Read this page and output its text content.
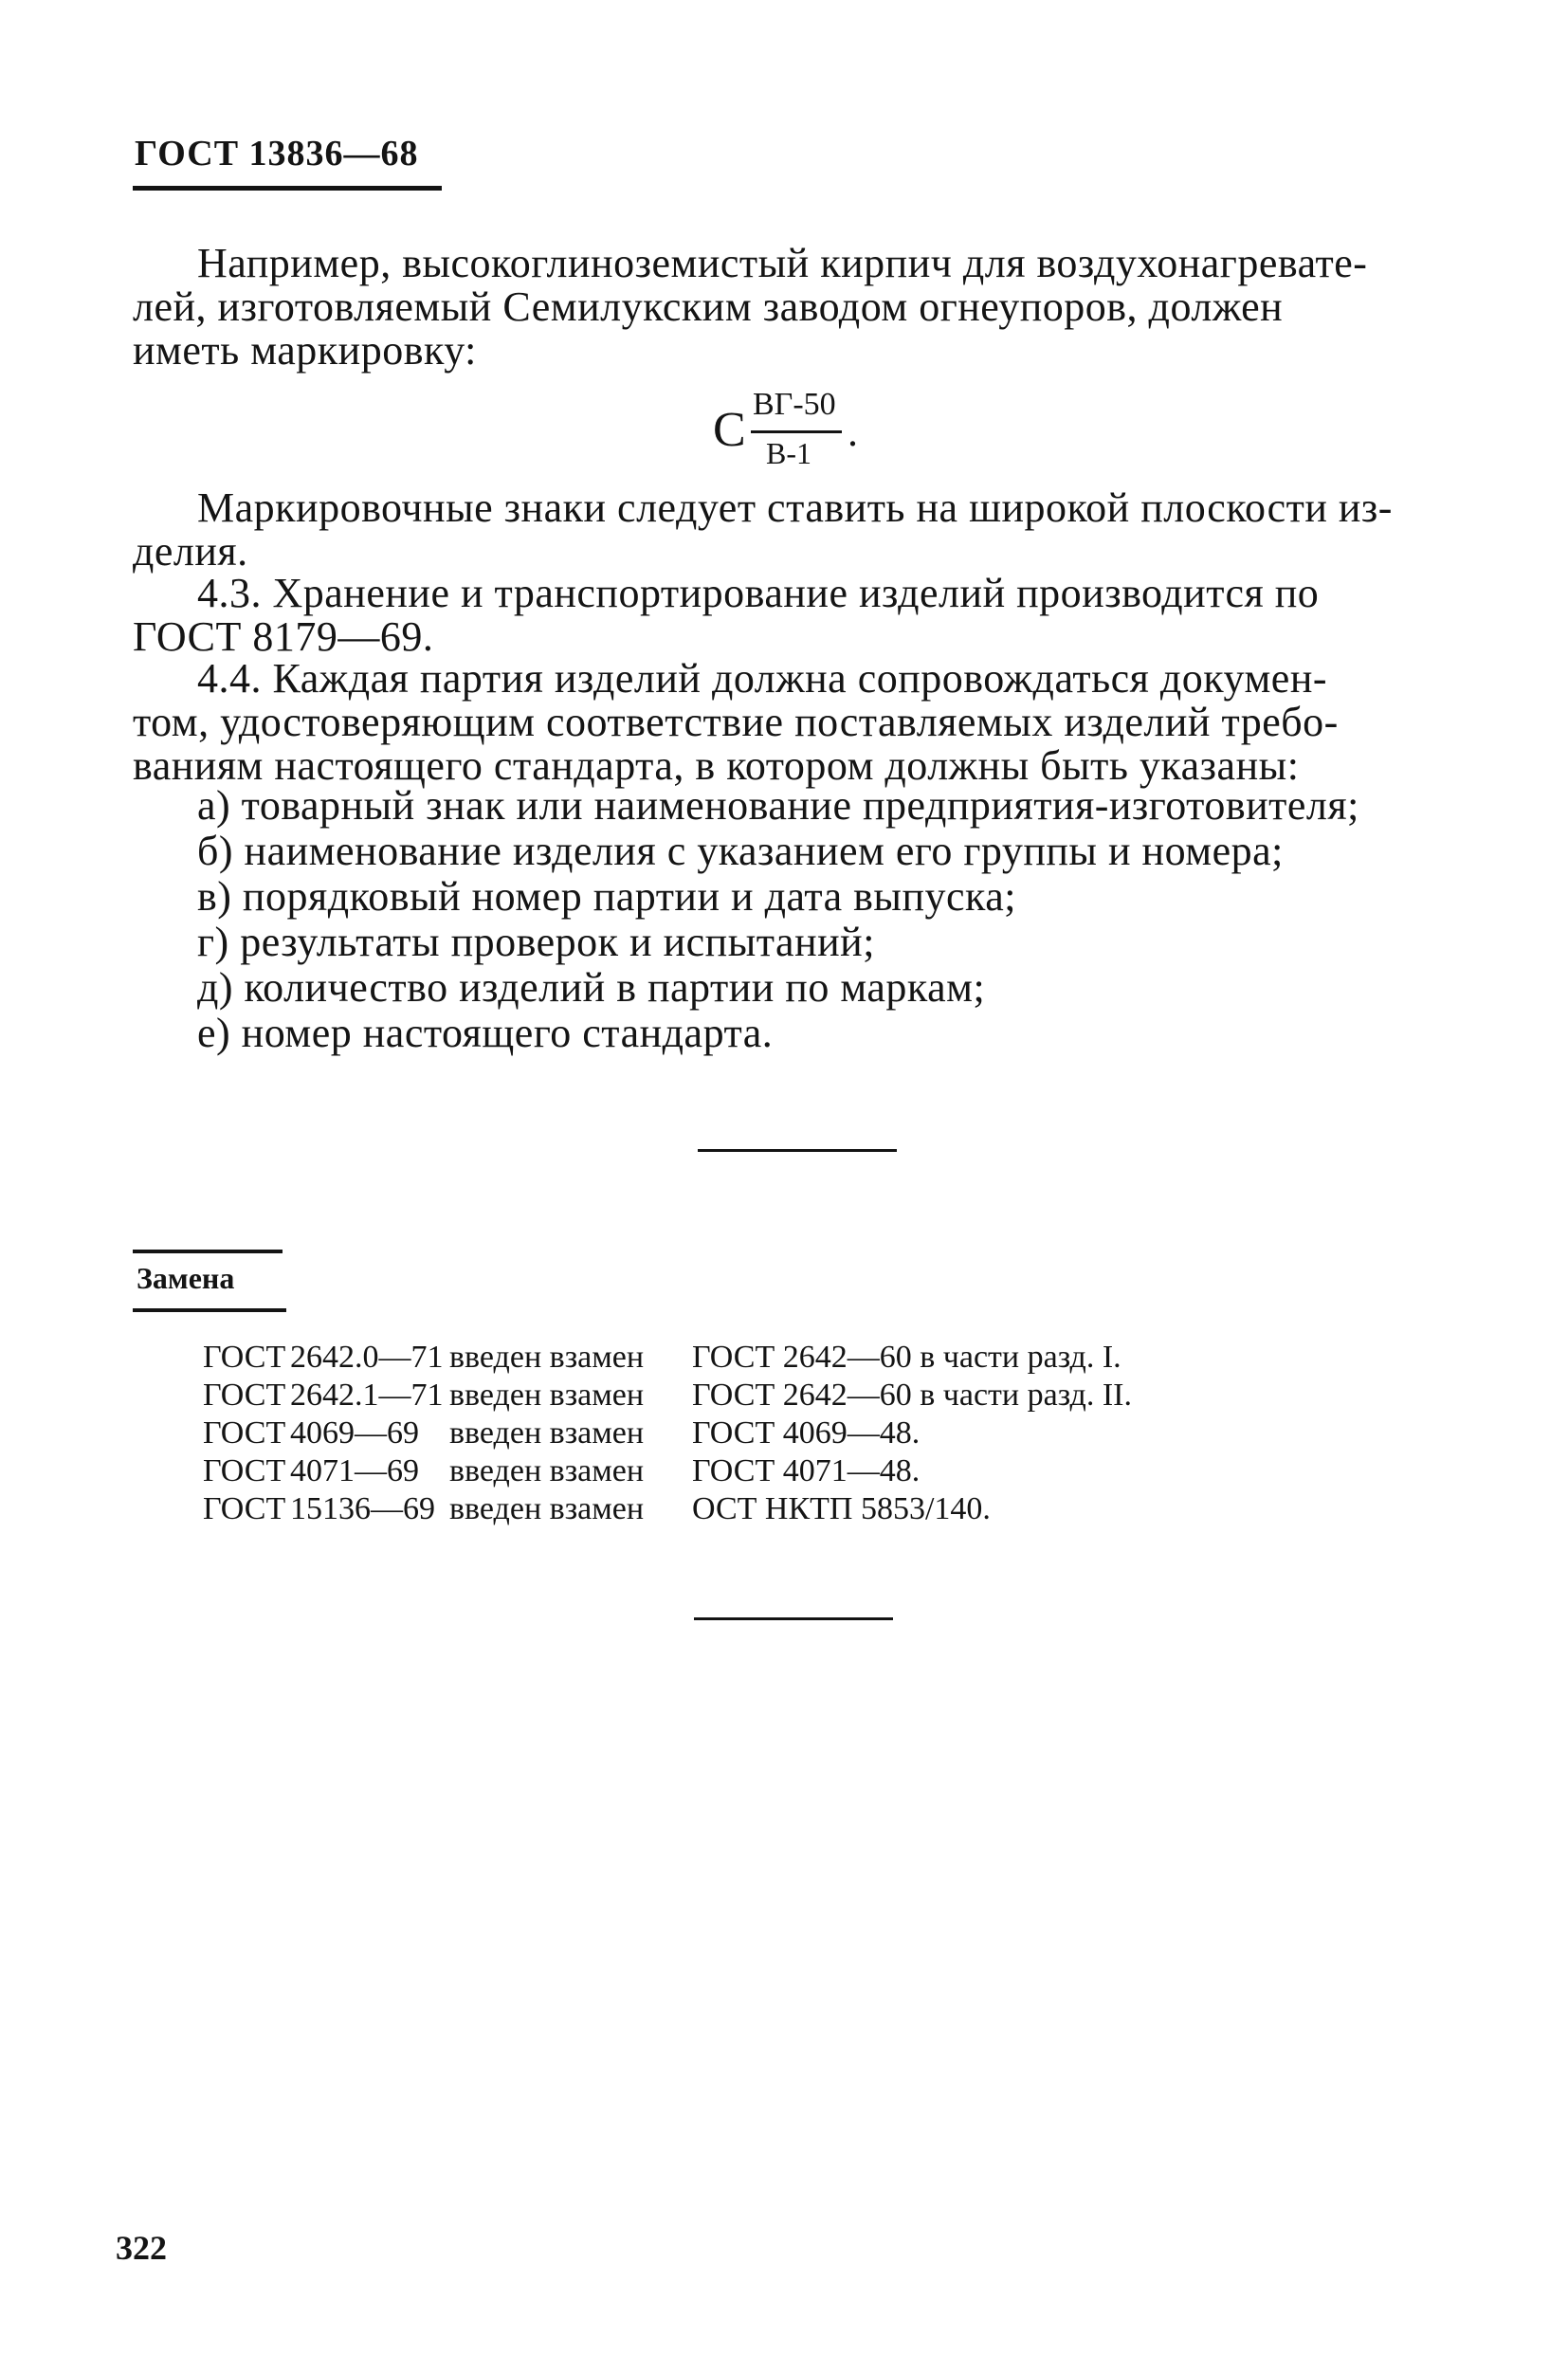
ГОСТ 13836—68
Например, высокоглиноземистый кирпич для воздухонагревате-
лей, изготовляемый Семилукским заводом огнеупоров, должен
иметь маркировку:
С ВГ-50
В-1 .
Маркировочные знаки следует ставить на широкой плоскости из-
делия.
4.3. Хранение и транспортирование изделий производится по
ГОСТ 8179—69.
4.4. Каждая партия изделий должна сопровождаться докумен-
том, удостоверяющим соответствие поставляемых изделий требо-
ваниям настоящего стандарта, в котором должны быть указаны:
а) товарный знак или наименование предприятия-изготовителя;
б) наименование изделия с указанием его группы и номера;
в) порядковый номер партии и дата выпуска;
г) результаты проверок и испытаний;
д) количество изделий в партии по маркам;
е) номер настоящего стандарта.
Замена
ГОСТ 2642.0—71 введен взамен	ГОСТ 2642—60 в части разд. I.
ГОСТ 2642.1—71 введен взамен	ГОСТ 2642—60 в части разд. II.
ГОСТ 4069—69 введен взамен	ГОСТ 4069—48.
ГОСТ 4071—69 введен взамен	ГОСТ 4071—48.
ГОСТ 15136—69 введен взамен	ОСТ НКТП 5853/140.
322
